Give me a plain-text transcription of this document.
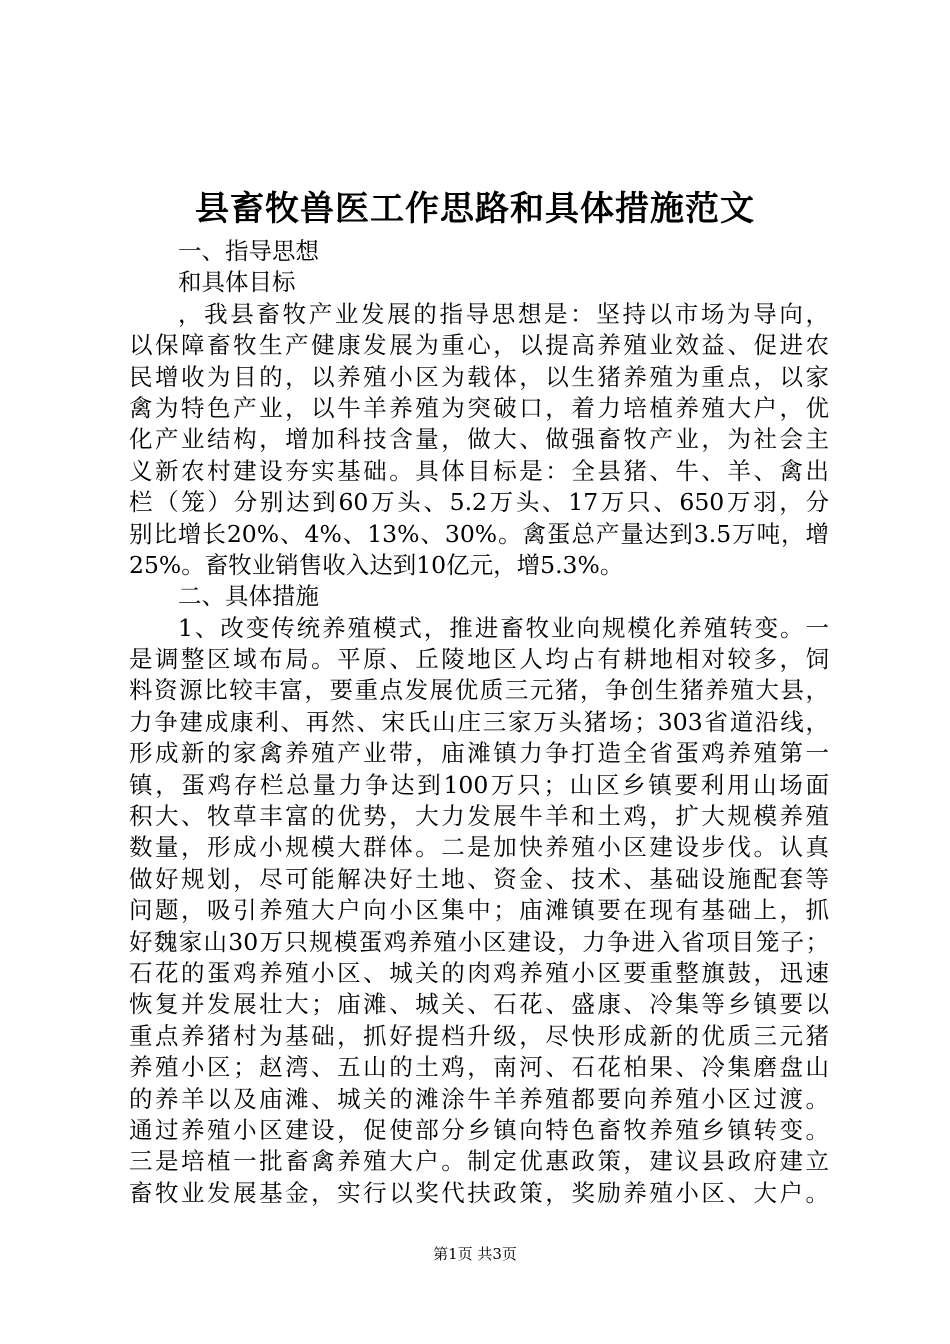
县畜牧兽医工作思路和具体措施范文
一、指导思想
和具体目标
，我县畜牧产业发展的指导思想是：坚持以市场为导向，
以保障畜牧生产健康发展为重心，以提高养殖业效益、促进农
民增收为目的，以养殖小区为载体，以生猪养殖为重点，以家
禽为特色产业，以牛羊养殖为突破口，着力培植养殖大户，优
化产业结构，增加科技含量，做大、做强畜牧产业，为社会主
义新农村建设夯实基础。具体目标是：全县猪、牛、羊、禽出
栏（笼）分别达到60万头、5.2万头、17万只、650万羽，分
别比增长20%、4%、13%、30%。禽蛋总产量达到3.5万吨，增
25%。畜牧业销售收入达到10亿元，增5.3%。
二、具体措施
1、改变传统养殖模式，推进畜牧业向规模化养殖转变。一
是调整区域布局。平原、丘陵地区人均占有耕地相对较多，饲
料资源比较丰富，要重点发展优质三元猪，争创生猪养殖大县，
力争建成康利、再然、宋氏山庄三家万头猪场；303省道沿线，
形成新的家禽养殖产业带，庙滩镇力争打造全省蛋鸡养殖第一
镇，蛋鸡存栏总量力争达到100万只；山区乡镇要利用山场面
积大、牧草丰富的优势，大力发展牛羊和土鸡，扩大规模养殖
数量，形成小规模大群体。二是加快养殖小区建设步伐。认真
做好规划，尽可能解决好土地、资金、技术、基础设施配套等
问题，吸引养殖大户向小区集中；庙滩镇要在现有基础上，抓
好魏家山30万只规模蛋鸡养殖小区建设，力争进入省项目笼子；
石花的蛋鸡养殖小区、城关的肉鸡养殖小区要重整旗鼓，迅速
恢复并发展壮大；庙滩、城关、石花、盛康、冷集等乡镇要以
重点养猪村为基础，抓好提档升级，尽快形成新的优质三元猪
养殖小区；赵湾、五山的土鸡，南河、石花柏果、冷集磨盘山
的养羊以及庙滩、城关的滩涂牛羊养殖都要向养殖小区过渡。
通过养殖小区建设，促使部分乡镇向特色畜牧养殖乡镇转变。
三是培植一批畜禽养殖大户。制定优惠政策，建议县政府建立
畜牧业发展基金，实行以奖代扶政策，奖励养殖小区、大户。
第1页 共3页
